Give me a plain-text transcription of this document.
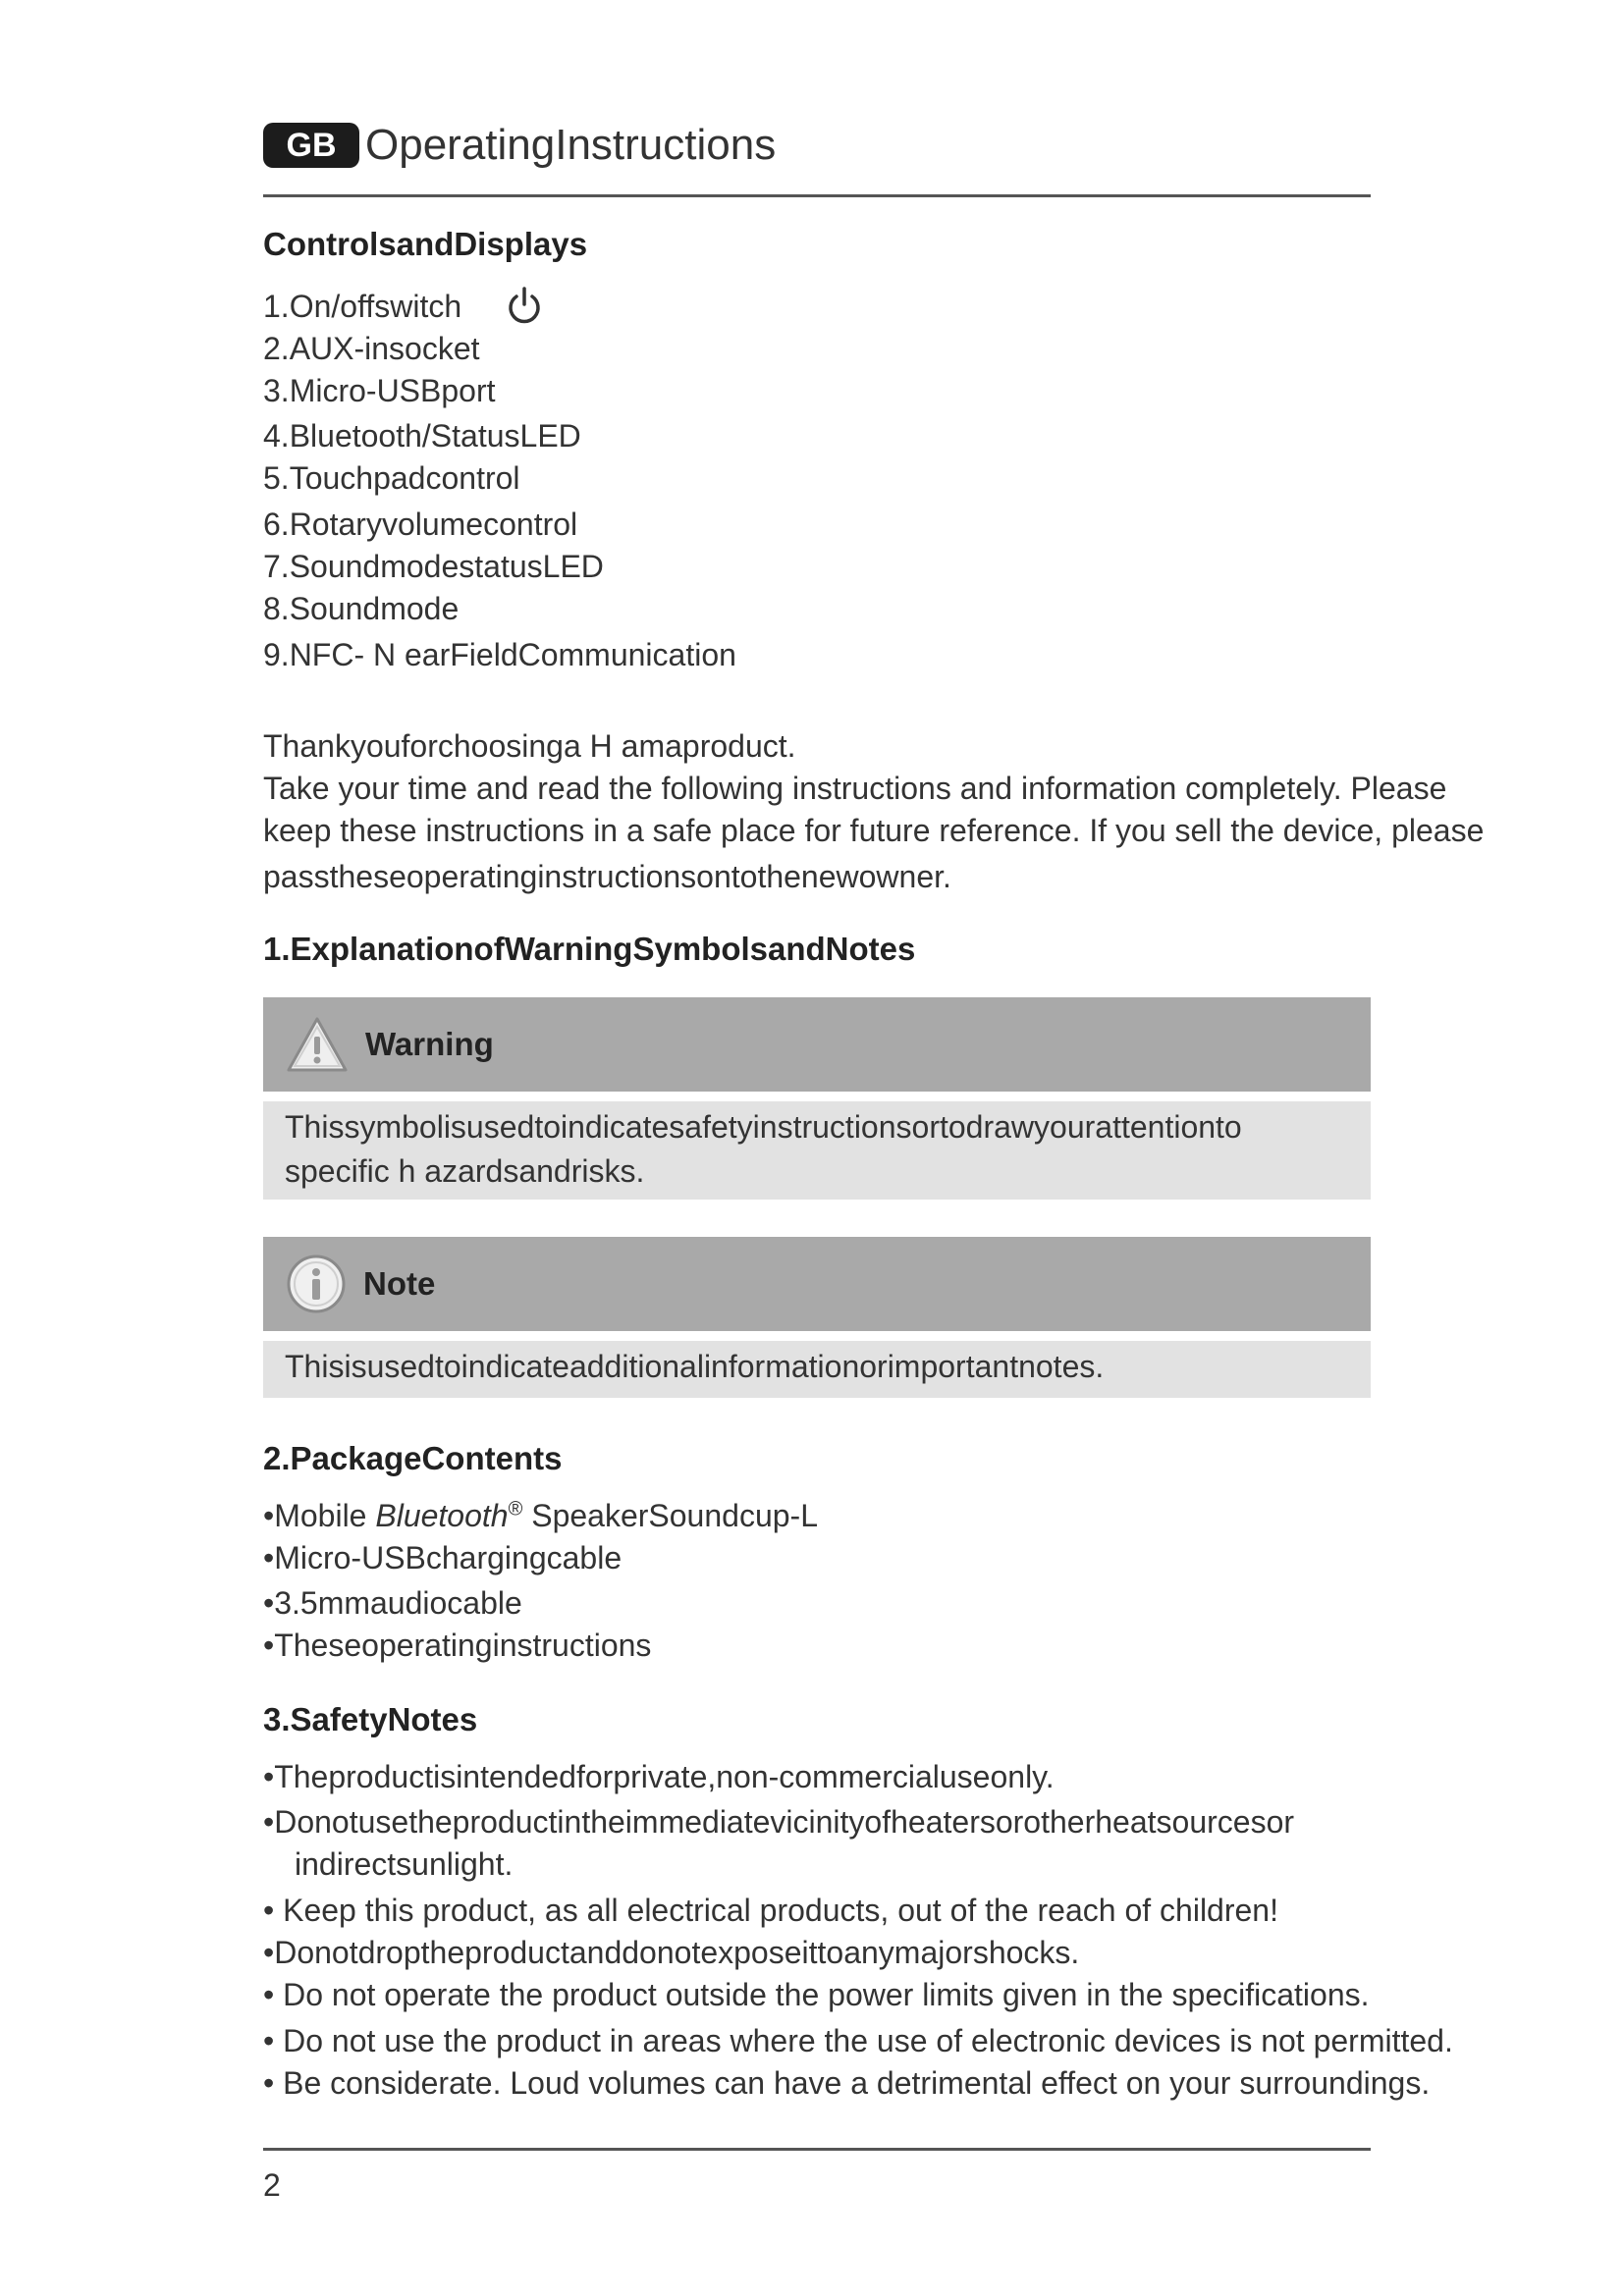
GB OperatingInstructions
ControlsandDisplays
1.On/offswitch
2.AUX-insocket
3.Micro-USBport
4.Bluetooth/StatusLED
5.Touchpadcontrol
6.Rotaryvolumecontrol
7.SoundmodestatusLED
8.Soundmode
9.NFC- N earFieldCommunication
Thankyouforchoosinga H amaproduct.
Take your time and read the following instructions and information completely. Please
keep these instructions in a safe place for future reference. If you sell the device, please
passtheseoperatinginstructionsontothenewowner.
1.ExplanationofWarningSymbolsandNotes
Warning
Thissymbolisusedtoindicatesafetyinstructionsortodrawyourattentionto
specific h azardsandrisks.
Note
Thisisusedtoindicateadditionalinformationorimportantnotes.
2.PackageContents
•Mobile Bluetooth® SpeakerSoundcup-L
•Micro-USBchargingcable
•3.5mmaudiocable
•Theseoperatinginstructions
3.SafetyNotes
•Theproductisintendedforprivate,non-commercialuseonly.
•Donotusetheproductintheimmediatevicinityofheatersorotherheatsourcesor
indirectsunlight.
• Keep this product, as all electrical products, out of the reach of children!
•Donotdroptheproductanddonotexposeittoanymajorshocks.
• Do not operate the product outside the power limits given in the specifications.
• Do not use the product in areas where the use of electronic devices is not permitted.
• Be considerate. Loud volumes can have a detrimental effect on your surroundings.
2
